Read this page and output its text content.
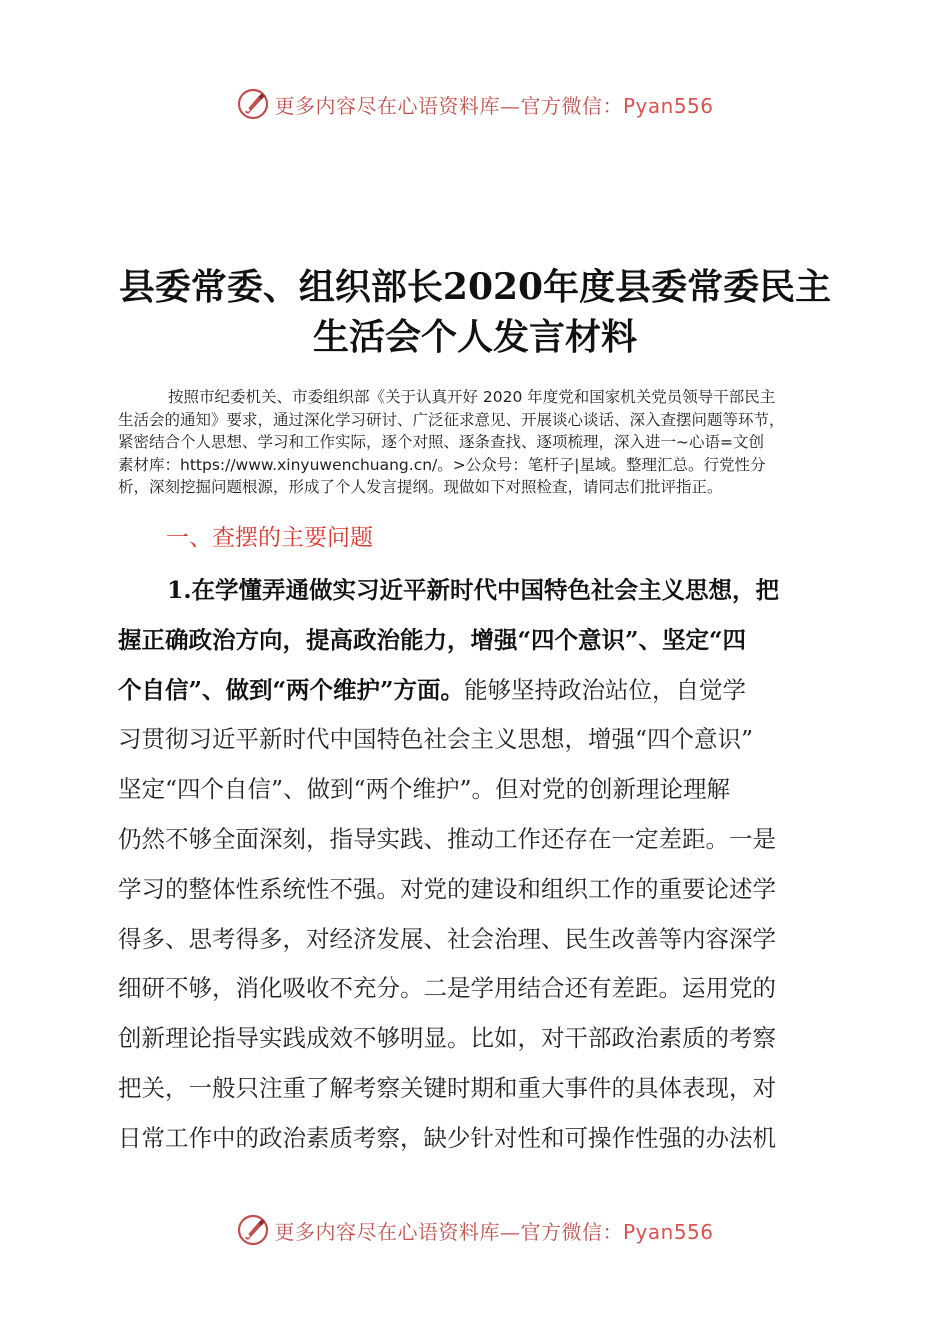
更多内容尽在心语资料库—官方微信：Pyan556
县委常委、组织部长2020年度县委常委民主
生活会个人发言材料
按照市纪委机关、市委组织部《关于认真开好 2020 年度党和国家机关党员领导干部民主
生活会的通知》要求，通过深化学习研讨、广泛征求意见、开展谈心谈话、深入查摆问题等环节，
紧密结合个人思想、学习和工作实际，逐个对照、逐条查找、逐项梳理，深入进一~心语=文创
素材库：https://www.xinyuwenchuang.cn/。>公众号：笔杆子|星域。整理汇总。行党性分
析，深刻挖掘问题根源，形成了个人发言提纲。现做如下对照检查，请同志们批评指正。
一、查摆的主要问题
1.在学懂弄通做实习近平新时代中国特色社会主义思想，把
握正确政治方向，提高政治能力，增强“四个意识”、坚定“四
个自信”、做到“两个维护”方面。能够坚持政治站位，自觉学
习贯彻习近平新时代中国特色社会主义思想，增强“四个意识”
坚定“四个自信”、做到“两个维护”。但对党的创新理论理解
仍然不够全面深刻，指导实践、推动工作还存在一定差距。一是
学习的整体性系统性不强。对党的建设和组织工作的重要论述学
得多、思考得多，对经济发展、社会治理、民生改善等内容深学
细研不够，消化吸收不充分。二是学用结合还有差距。运用党的
创新理论指导实践成效不够明显。比如，对干部政治素质的考察
把关，一般只注重了解考察关键时期和重大事件的具体表现，对
日常工作中的政治素质考察，缺少针对性和可操作性强的办法机
更多内容尽在心语资料库—官方微信：Pyan556
